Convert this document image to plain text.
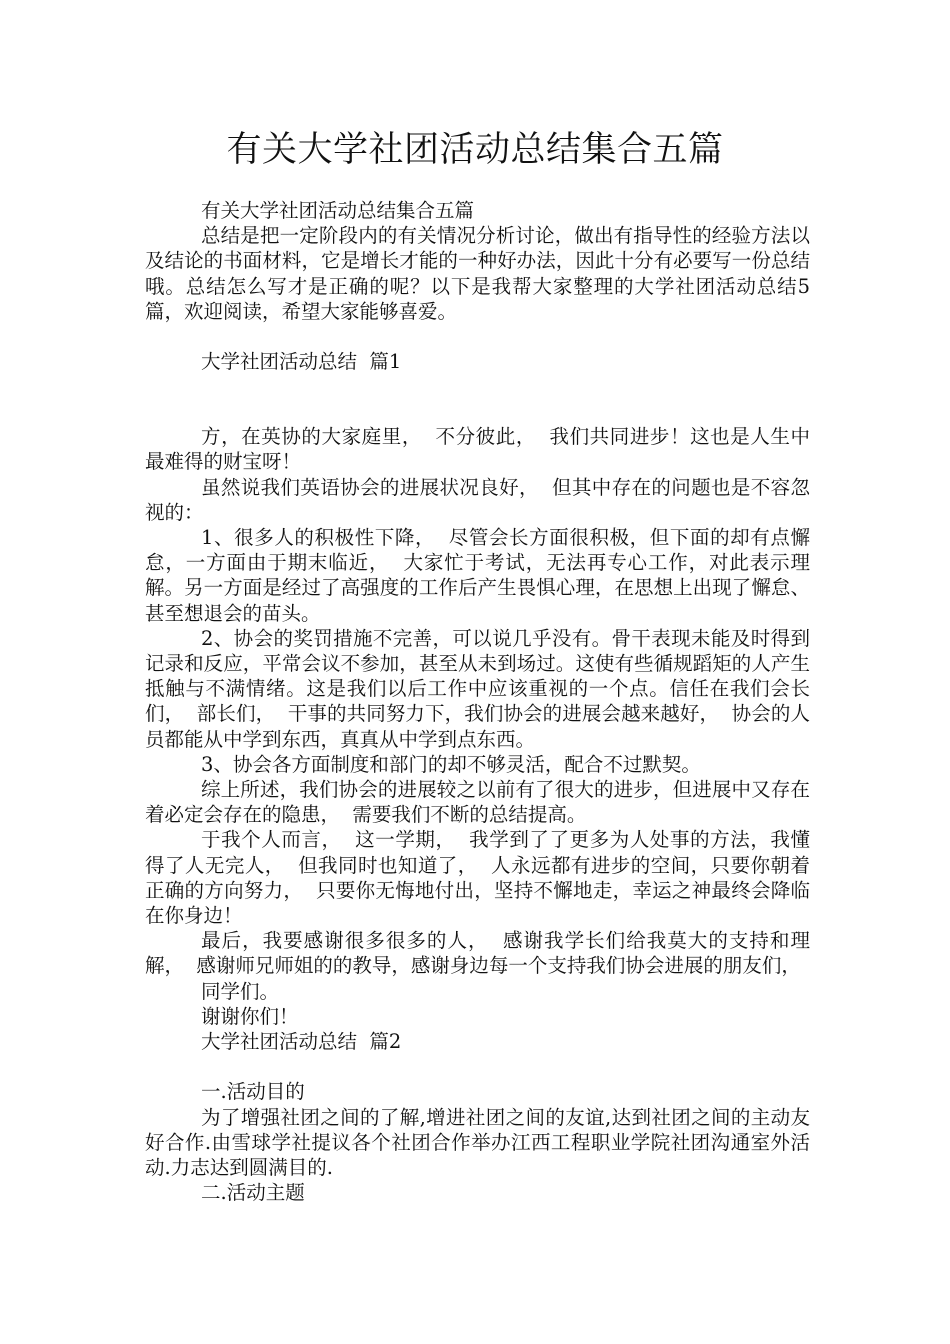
有关大学社团活动总结集合五篇

有关大学社团活动总结集合五篇

总结是把一定阶段内的有关情况分析讨论，做出有指导性的经验方法以及结论的书面材料，它是增长才能的一种好办法，因此十分有必要写一份总结哦。总结怎么写才是正确的呢？以下是我帮大家整理的大学社团活动总结5篇，欢迎阅读，希望大家能够喜爱。

大学社团活动总结  篇1

方，在英协的大家庭里，  不分彼此，  我们共同进步！这也是人生中最难得的财宝呀！

虽然说我们英语协会的进展状况良好，  但其中存在的问题也是不容忽视的：

1、很多人的积极性下降，  尽管会长方面很积极，但下面的却有点懈怠，一方面由于期末临近，  大家忙于考试，无法再专心工作，对此表示理解。另一方面是经过了高强度的工作后产生畏惧心理，在思想上出现了懈怠、甚至想退会的苗头。

2、协会的奖罚措施不完善，可以说几乎没有。骨干表现未能及时得到记录和反应，平常会议不参加，甚至从未到场过。这使有些循规蹈矩的人产生抵触与不满情绪。这是我们以后工作中应该重视的一个点。信任在我们会长们，  部长们，  干事的共同努力下，我们协会的进展会越来越好，  协会的人员都能从中学到东西，真真从中学到点东西。

3、协会各方面制度和部门的却不够灵活，配合不过默契。

综上所述，我们协会的进展较之以前有了很大的进步，但进展中又存在着必定会存在的隐患，  需要我们不断的总结提高。

于我个人而言，  这一学期，  我学到了了更多为人处事的方法，我懂得了人无完人，  但我同时也知道了，  人永远都有进步的空间，只要你朝着正确的方向努力，  只要你无悔地付出，坚持不懈地走，幸运之神最终会降临在你身边！

最后，我要感谢很多很多的人，  感谢我学长们给我莫大的支持和理解，  感谢师兄师姐的的教导，感谢身边每一个支持我们协会进展的朋友们，

同学们。

谢谢你们！

大学社团活动总结  篇2

一.活动目的

为了增强社团之间的了解,增进社团之间的友谊,达到社团之间的主动友好合作.由雪球学社提议各个社团合作举办江西工程职业学院社团沟通室外活动.力志达到圆满目的.

二.活动主题
